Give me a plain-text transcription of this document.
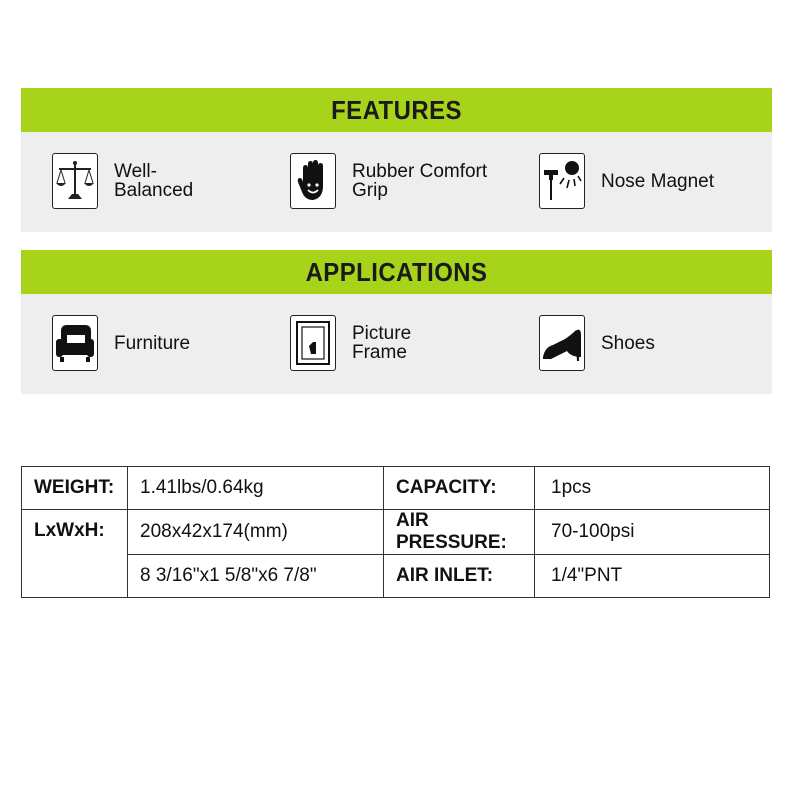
FEATURES
Well-
Balanced
Rubber Comfort
Grip	Nose Magnet
APPLICATIONS
Furniture	Picture
Frame	Shoes
WEIGHT:	1.41lbs/0.64kg	CAPACITY:	1pcs
LxWxH:	208x42x174(mm)	AIR PRESSURE:	70-100psi
	8 3/16"x1 5/8"x6 7/8"	AIR INLET:	1/4"PNT
